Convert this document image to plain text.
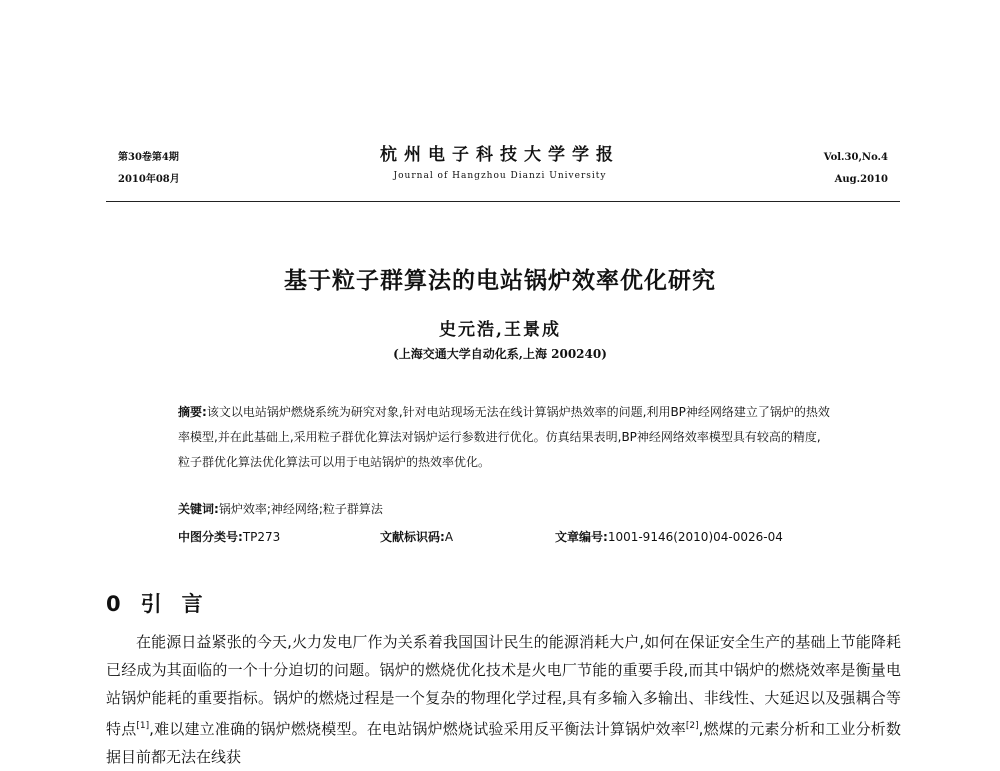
第30卷第4期
2010年08月
杭州电子科技大学学报
Journal of Hangzhou Dianzi University
Vol.30,No.4
Aug.2010
基于粒子群算法的电站锅炉效率优化研究
史元浩,王景成
(上海交通大学自动化系,上海 200240)
摘要:该文以电站锅炉燃烧系统为研究对象,针对电站现场无法在线计算锅炉热效率的问题,利用BP神经网络建立了锅炉的热效率模型,并在此基础上,采用粒子群优化算法对锅炉运行参数进行优化。仿真结果表明,BP神经网络效率模型具有较高的精度,粒子群优化算法优化算法可以用于电站锅炉的热效率优化。
关键词:锅炉效率;神经网络;粒子群算法
中图分类号:TP273	文献标识码:A	文章编号:1001-9146(2010)04-0026-04
0 引言
在能源日益紧张的今天,火力发电厂作为关系着我国国计民生的能源消耗大户,如何在保证安全生产的基础上节能降耗已经成为其面临的一个十分迫切的问题。锅炉的燃烧优化技术是火电厂节能的重要手段,而其中锅炉的燃烧效率是衡量电站锅炉能耗的重要指标。锅炉的燃烧过程是一个复杂的物理化学过程,具有多输入多输出、非线性、大延迟以及强耦合等特点[1],难以建立准确的锅炉燃烧模型。在电站锅炉燃烧试验采用反平衡法计算锅炉效率[2],燃煤的元素分析和工业分析数据目前都无法在线获
